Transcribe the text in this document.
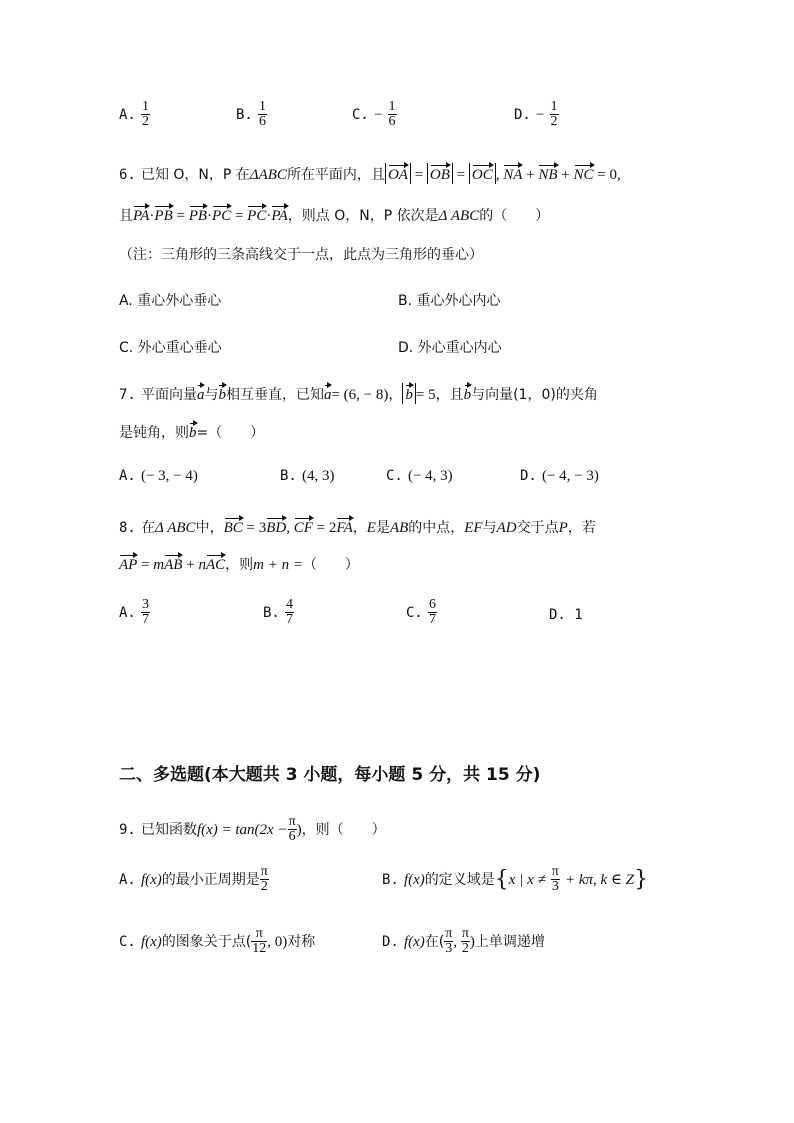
A. $\frac{1}{2}$	B. $\frac{1}{6}$	C. − $\frac{1}{6}$	D. − $\frac{1}{2}$
6. 已知 O，N，P 在ΔABC所在平面内，且 OA = OB = OC , NA + NB + NC = 0,
且PA·PB = PB·PC = PC·PA，则点 O，N，P 依次是Δ ABC的（　　）
（注：三角形的三条高线交于一点，此点为三角形的垂心）
A. 重心外心垂心	B. 重心外心内心
C. 外心重心垂心	D. 外心重心内心
7. 平面向量a与b相互垂直，已知a= (6, − 8)， b = 5，且b与向量(1，0)的夹角
是钝角，则b=（　　）
A. (− 3, − 4)	B. (4, 3)	C. (− 4, 3)	D. (− 4, − 3)
8. 在Δ ABC中，BC = 3BD, CF = 2FA，E是AB的中点，EF与AD交于点P，若
AP = mAB + nAC，则m + n =（　　）
A. $\frac{3}{7}$	B. $\frac{4}{7}$	C. $\frac{6}{7}$	D. 1
二、多选题(本大题共 3 小题，每小题 5 分，共 15 分)
9. 已知函数$f(x) = \tan(2x - \frac{\pi}{6}$ )，则（　　）
A. f(x)的最小正周期是 $\frac{\pi}{2}$	B. f(x)的定义域是{x | $x \ne \frac{\pi}{3} + k\pi$, k ∈ Z}
C. f(x)的图象关于点( $\frac{\pi}{12}$ , 0)对称	D. f(x)在( $\frac{\pi}{3}$ , $\frac{\pi}{2}$ )上单调递增
